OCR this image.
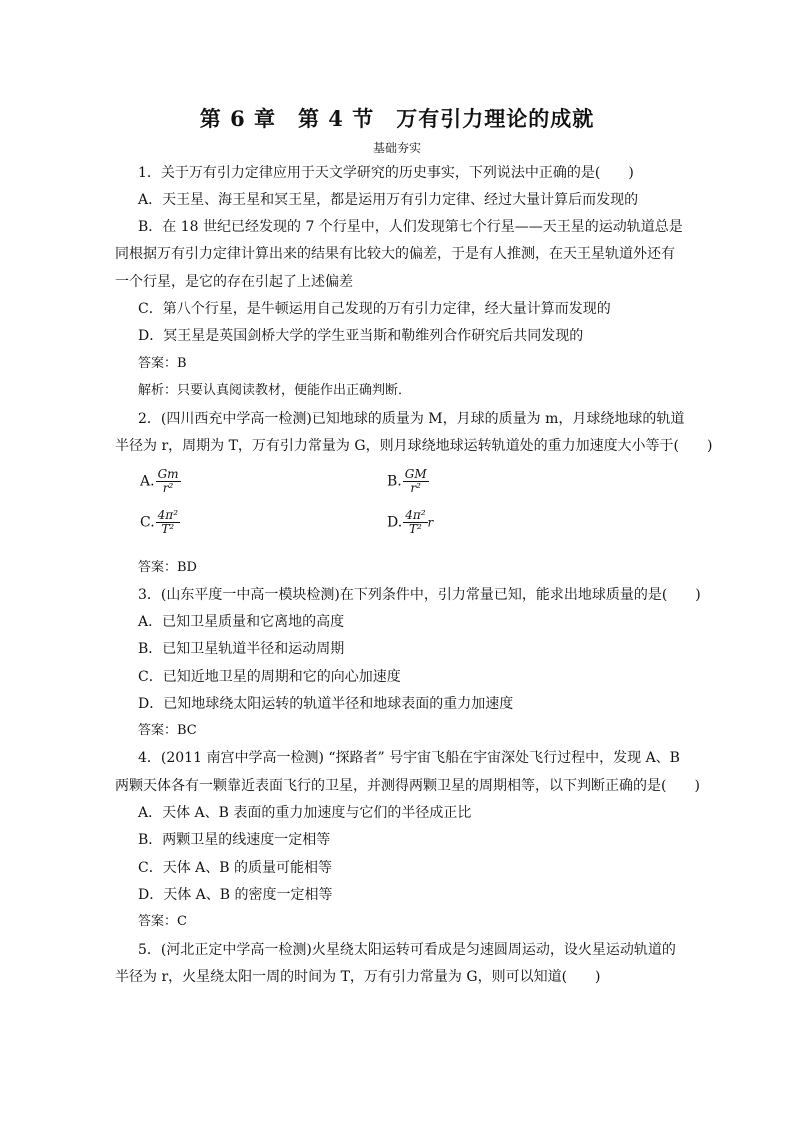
第 6 章　第 4 节　万有引力理论的成就
基础夯实
1．关于万有引力定律应用于天文学研究的历史事实，下列说法中正确的是(　　)
A．天王星、海王星和冥王星，都是运用万有引力定律、经过大量计算后而发现的
B．在 18 世纪已经发现的 7 个行星中，人们发现第七个行星——天王星的运动轨道总是
同根据万有引力定律计算出来的结果有比较大的偏差，于是有人推测，在天王星轨道外还有
一个行星，是它的存在引起了上述偏差
C．第八个行星，是牛顿运用自己发现的万有引力定律，经大量计算而发现的
D．冥王星是英国剑桥大学的学生亚当斯和勒维列合作研究后共同发现的
答案：B
解析：只要认真阅读教材，便能作出正确判断．
2．(四川西充中学高一检测)已知地球的质量为 M，月球的质量为 m，月球绕地球的轨道
半径为 r，周期为 T，万有引力常量为 G，则月球绕地球运转轨道处的重力加速度大小等于(　　)
A. $\frac{Gm}{\text{r²}}$	B. $\frac{GM}{\text{r²}}$
C. $\frac{\text{4π²}}{\text{T²}}$	D. $\frac{\text{4π²}}{\text{T²}}$ r
答案：BD
3．(山东平度一中高一模块检测)在下列条件中，引力常量已知，能求出地球质量的是(　　)
A．已知卫星质量和它离地的高度
B．已知卫星轨道半径和运动周期
C．已知近地卫星的周期和它的向心加速度
D．已知地球绕太阳运转的轨道半径和地球表面的重力加速度
答案：BC
4．(2011 南宫中学高一检测) “探路者” 号宇宙飞船在宇宙深处飞行过程中，发现 A、B
两颗天体各有一颗靠近表面飞行的卫星，并测得两颗卫星的周期相等，以下判断正确的是(　　)
A．天体 A、B 表面的重力加速度与它们的半径成正比
B．两颗卫星的线速度一定相等
C．天体 A、B 的质量可能相等
D．天体 A、B 的密度一定相等
答案：C
5．(河北正定中学高一检测)火星绕太阳运转可看成是匀速圆周运动，设火星运动轨道的
半径为 r，火星绕太阳一周的时间为 T，万有引力常量为 G，则可以知道(　　)
